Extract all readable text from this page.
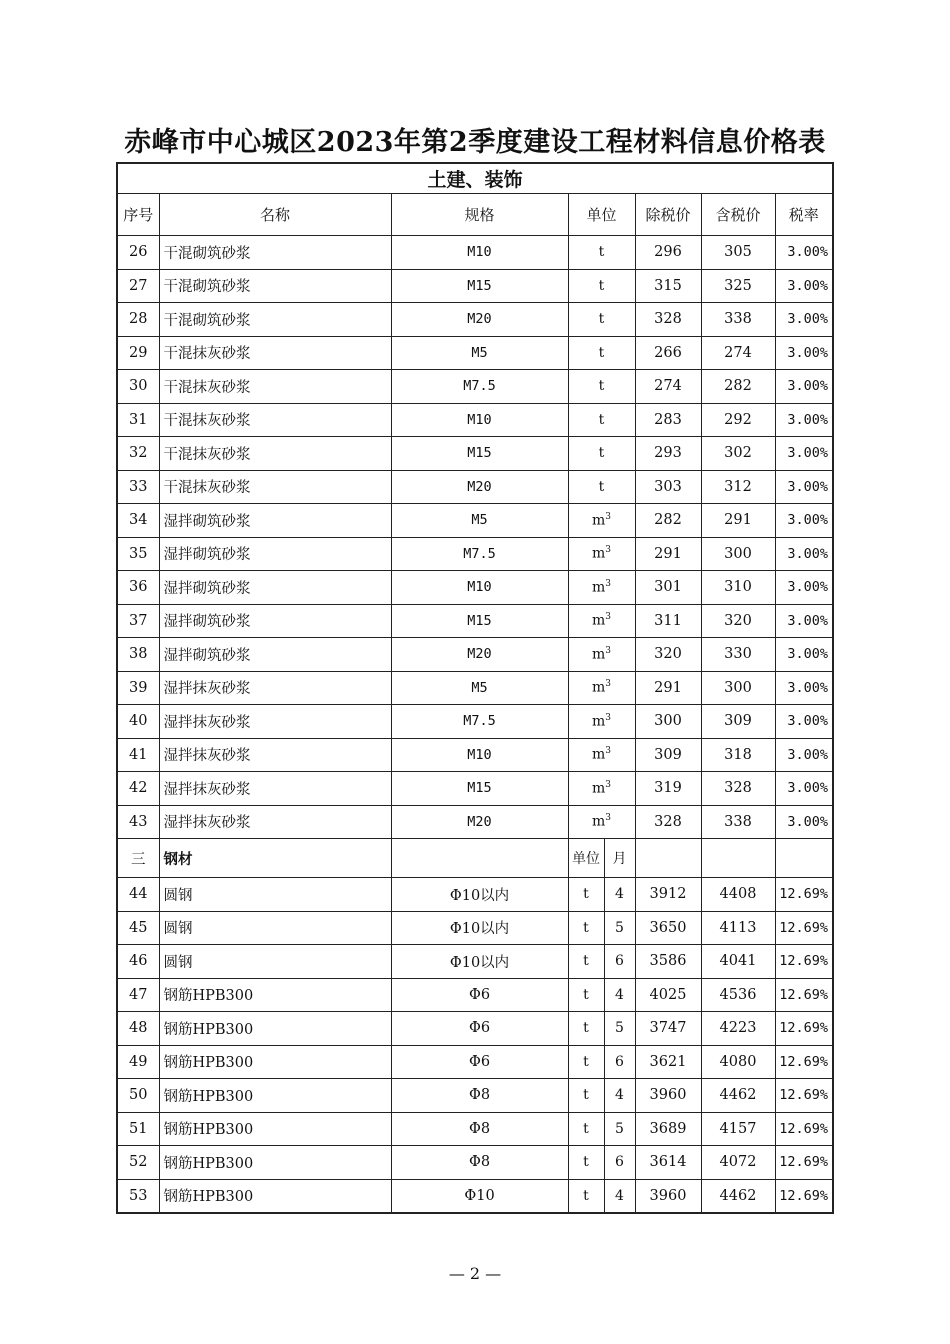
赤峰市中心城区2023年第2季度建设工程材料信息价格表
土建、装饰							
序号	名称	规格	单位		除税价	含税价	税率
26	干混砌筑砂浆	M10	t		296	305	3.00%
27	干混砌筑砂浆	M15	t		315	325	3.00%
28	干混砌筑砂浆	M20	t		328	338	3.00%
29	干混抹灰砂浆	M5	t		266	274	3.00%
30	干混抹灰砂浆	M7.5	t		274	282	3.00%
31	干混抹灰砂浆	M10	t		283	292	3.00%
32	干混抹灰砂浆	M15	t		293	302	3.00%
33	干混抹灰砂浆	M20	t		303	312	3.00%
34	湿拌砌筑砂浆	M5	$m^3$		282	291	3.00%
35	湿拌砌筑砂浆	M7.5	$m^3$		291	300	3.00%
36	湿拌砌筑砂浆	M10	$m^3$		301	310	3.00%
37	湿拌砌筑砂浆	M15	$m^3$		311	320	3.00%
38	湿拌砌筑砂浆	M20	$m^3$		320	330	3.00%
39	湿拌抹灰砂浆	M5	$m^3$		291	300	3.00%
40	湿拌抹灰砂浆	M7.5	$m^3$		300	309	3.00%
41	湿拌抹灰砂浆	M10	$m^3$		309	318	3.00%
42	湿拌抹灰砂浆	M15	$m^3$		319	328	3.00%
43	湿拌抹灰砂浆	M20	$m^3$		328	338	3.00%
三	钢材		单位	月			
44	圆钢	Φ10以内	t	4	3912	4408	12.69%
45	圆钢	Φ10以内	t	5	3650	4113	12.69%
46	圆钢	Φ10以内	t	6	3586	4041	12.69%
47	钢筋HPB300	Φ6	t	4	4025	4536	12.69%
48	钢筋HPB300	Φ6	t	5	3747	4223	12.69%
49	钢筋HPB300	Φ6	t	6	3621	4080	12.69%
50	钢筋HPB300	Φ8	t	4	3960	4462	12.69%
51	钢筋HPB300	Φ8	t	5	3689	4157	12.69%
52	钢筋HPB300	Φ8	t	6	3614	4072	12.69%
53	钢筋HPB300	Φ10	t	4	3960	4462	12.69%
— 2 —
